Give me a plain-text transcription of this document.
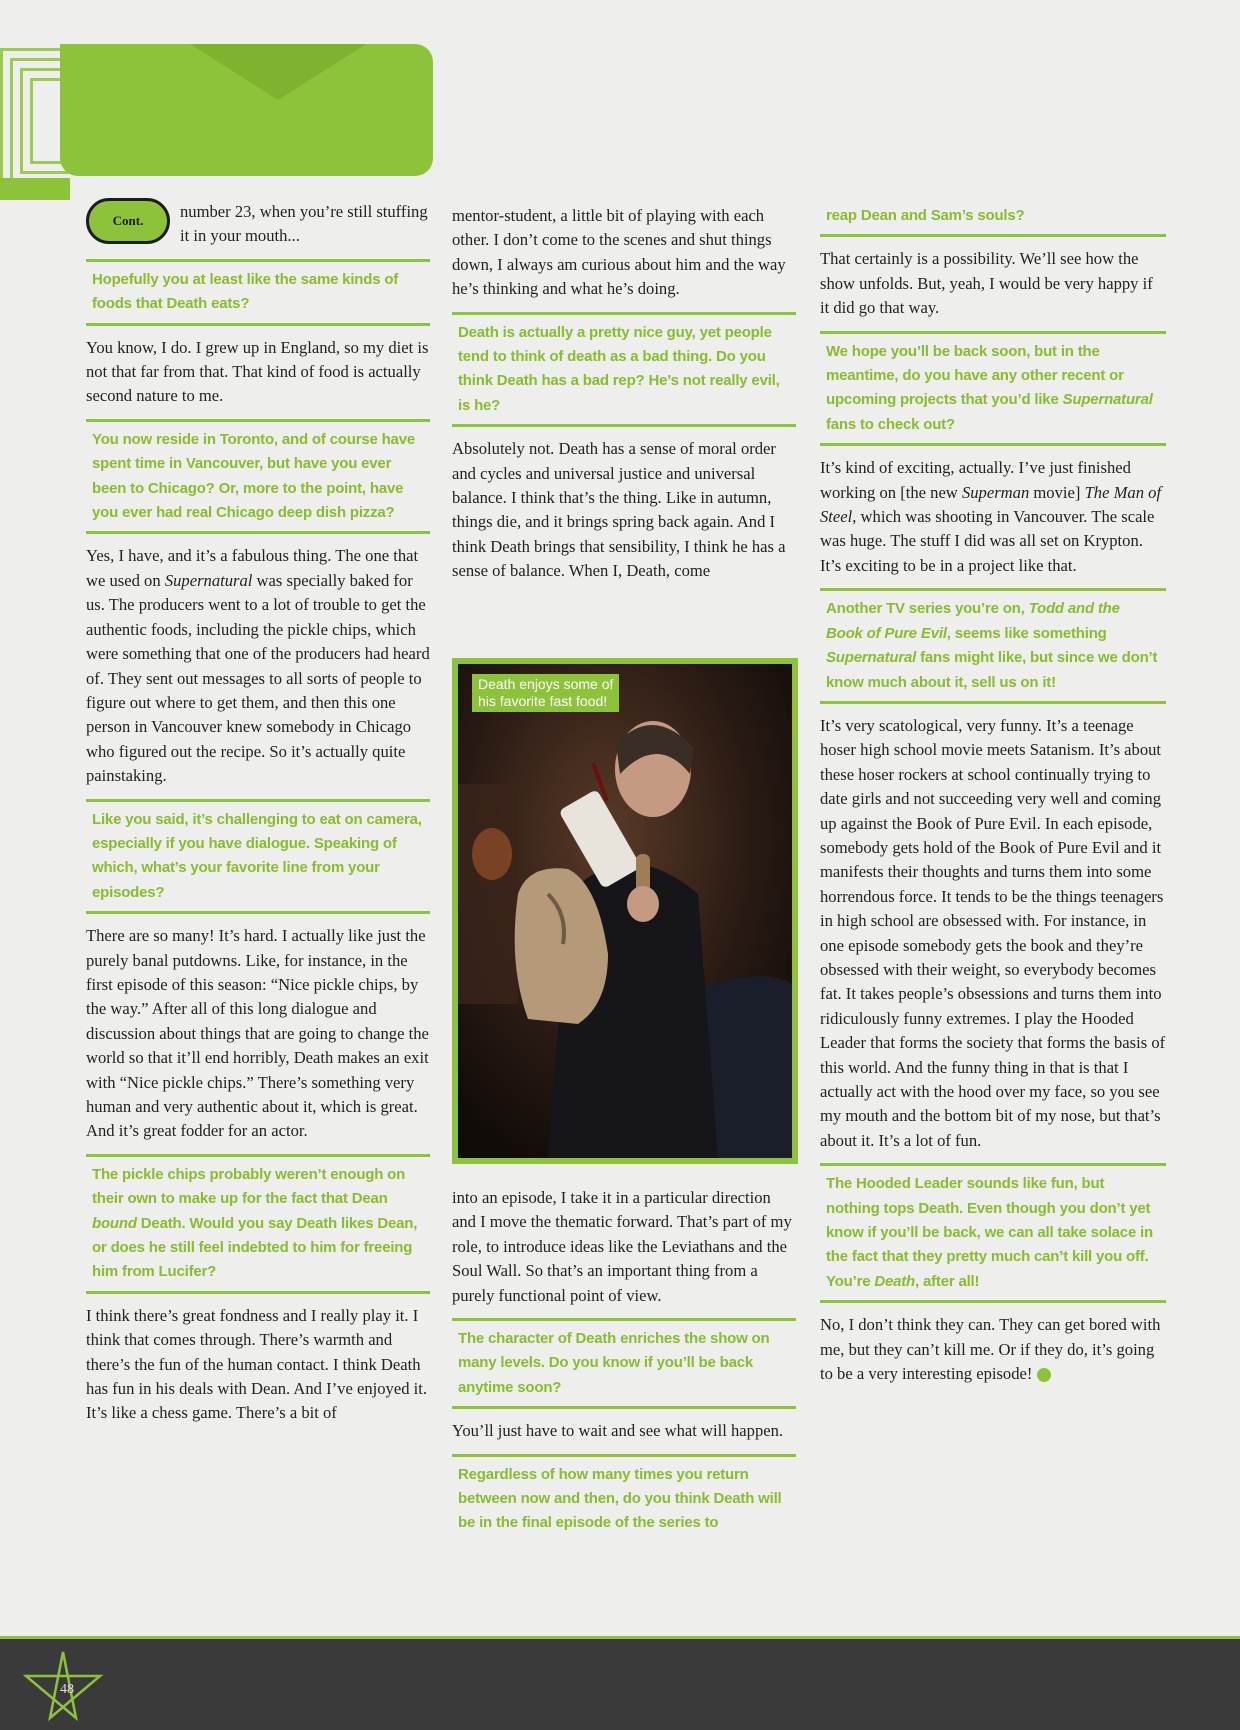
Cont. number 23, when you’re still stuffing it in your mouth...

Hopefully you at least like the same kinds of foods that Death eats?

You know, I do. I grew up in England, so my diet is not that far from that. That kind of food is actually second nature to me.

You now reside in Toronto, and of course have spent time in Vancouver, but have you ever been to Chicago? Or, more to the point, have you ever had real Chicago deep dish pizza?

Yes, I have, and it’s a fabulous thing. The one that we used on Supernatural was specially baked for us. The producers went to a lot of trouble to get the authentic foods, including the pickle chips, which were something that one of the producers had heard of. They sent out messages to all sorts of people to figure out where to get them, and then this one person in Vancouver knew somebody in Chicago who figured out the recipe. So it’s actually quite painstaking.

Like you said, it’s challenging to eat on camera, especially if you have dialogue. Speaking of which, what’s your favorite line from your episodes?

There are so many! It’s hard. I actually like just the purely banal putdowns. Like, for instance, in the first episode of this season: “Nice pickle chips, by the way.” After all of this long dialogue and discussion about things that are going to change the world so that it’ll end horribly, Death makes an exit with “Nice pickle chips.” There’s something very human and very authentic about it, which is great. And it’s great fodder for an actor.

The pickle chips probably weren’t enough on their own to make up for the fact that Dean bound Death. Would you say Death likes Dean, or does he still feel indebted to him for freeing him from Lucifer?

I think there’s great fondness and I really play it. I think that comes through. There’s warmth and there’s the fun of the human contact. I think Death has fun in his deals with Dean. And I’ve enjoyed it. It’s like a chess game. There’s a bit of

mentor-student, a little bit of playing with each other. I don’t come to the scenes and shut things down, I always am curious about him and the way he’s thinking and what he’s doing.

Death is actually a pretty nice guy, yet people tend to think of death as a bad thing. Do you think Death has a bad rep? He’s not really evil, is he?

Absolutely not. Death has a sense of moral order and cycles and universal justice and universal balance. I think that’s the thing. Like in autumn, things die, and it brings spring back again. And I think Death brings that sensibility, I think he has a sense of balance. When I, Death, come

Death enjoys some of
his favorite fast food!

into an episode, I take it in a particular direction and I move the thematic forward. That’s part of my role, to introduce ideas like the Leviathans and the Soul Wall. So that’s an important thing from a purely functional point of view.

The character of Death enriches the show on many levels. Do you know if you’ll be back anytime soon?

You’ll just have to wait and see what will happen.

Regardless of how many times you return between now and then, do you think Death will be in the final episode of the series to
reap Dean and Sam’s souls?

That certainly is a possibility. We’ll see how the show unfolds. But, yeah, I would be very happy if it did go that way.

We hope you’ll be back soon, but in the meantime, do you have any other recent or upcoming projects that you’d like Supernatural fans to check out?

It’s kind of exciting, actually. I’ve just finished working on [the new Superman movie] The Man of Steel, which was shooting in Vancouver. The scale was huge. The stuff I did was all set on Krypton. It’s exciting to be in a project like that.

Another TV series you’re on, Todd and the Book of Pure Evil, seems like something Supernatural fans might like, but since we don’t know much about it, sell us on it!

It’s very scatological, very funny. It’s a teenage hoser high school movie meets Satanism. It’s about these hoser rockers at school continually trying to date girls and not succeeding very well and coming up against the Book of Pure Evil. In each episode, somebody gets hold of the Book of Pure Evil and it manifests their thoughts and turns them into some horrendous force. It tends to be the things teenagers in high school are obsessed with. For instance, in one episode somebody gets the book and they’re obsessed with their weight, so everybody becomes fat. It takes people’s obsessions and turns them into ridiculously funny extremes. I play the Hooded Leader that forms the society that forms the basis of this world. And the funny thing in that is that I actually act with the hood over my face, so you see my mouth and the bottom bit of my nose, but that’s about it. It’s a lot of fun.

The Hooded Leader sounds like fun, but nothing tops Death. Even though you don’t yet know if you’ll be back, we can all take solace in the fact that they pretty much can’t kill you off. You’re Death, after all!

No, I don’t think they can. They can get bored with me, but they can’t kill me. Or if they do, it’s going to be a very interesting episode!

48
